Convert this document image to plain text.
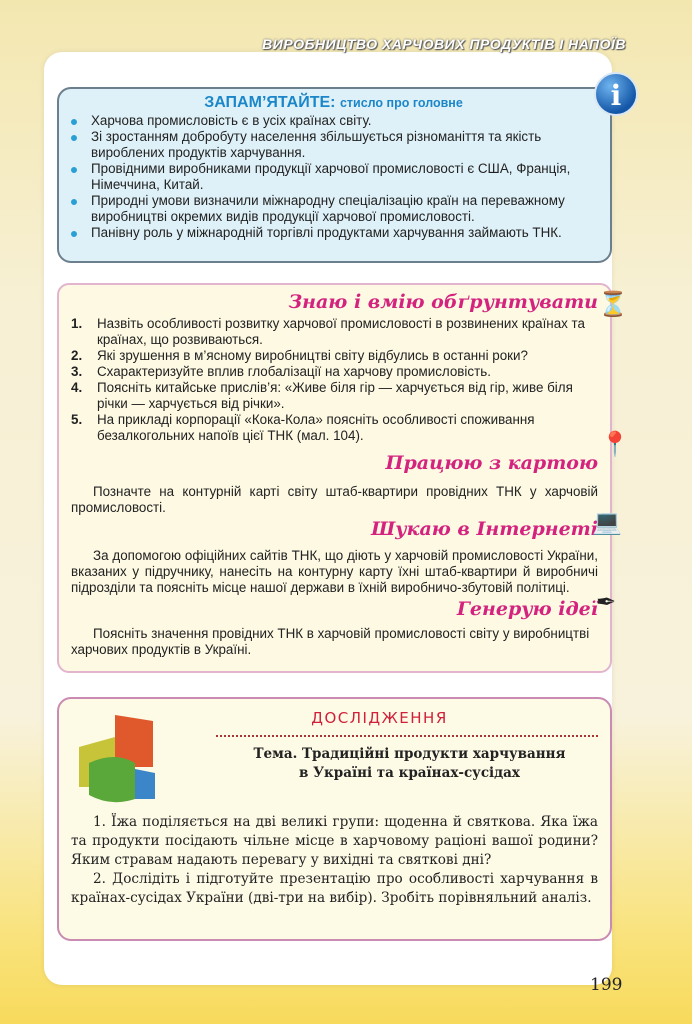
ВИРОБНИЦТВО ХАРЧОВИХ ПРОДУКТІВ І НАПОЇВ
ЗАПАМ’ЯТАЙТЕ: стисло про головне
Харчова промисловість є в усіх країнах світу.
Зі зростанням добробуту населення збільшується різноманіття та якість вироблених продуктів харчування.
Провідними виробниками продукції харчової промисловості є США, Франція, Німеччина, Китай.
Природні умови визначили міжнародну спеціалізацію країн на переважному виробництві окремих видів продукції харчової промисловості.
Панівну роль у міжнародній торгівлі продуктами харчування займають ТНК.
i
Знаю і вмію обґрунтувати
1.	Назвіть особливості розвитку харчової промисловості в розвинених країнах та країнах, що розвиваються.
2.	Які зрушення в м’ясному виробництві світу відбулись в останні роки?
3.	Схарактеризуйте вплив глобалізації на харчову промисловість.
4.	Поясніть китайське прислів’я: «Живе біля гір — харчується від гір, живе біля річки — харчується від річки».
5.	На прикладі корпорації «Кока-Кола» поясніть особливості споживання безалкогольних напоїв цієї ТНК (мал. 104).
Працюю з картою

Позначте на контурній карті світу штаб-квартири провідних ТНК у харчовій промисловості.

Шукаю в Інтернеті

За допомогою офіційних сайтів ТНК, що діють у харчовій промисловості України, вказаних у підручнику, нанесіть на контурну карту їхні штаб-квартири й виробничі підрозділи та поясніть місце нашої держави в їхній виробничо-збутовій політиці.

Генерую ідеї

Поясніть значення провідних ТНК в харчовій промисловості світу у виробництві харчових продуктів в Україні.

⏳
📍
💻
✒
ДОСЛІДЖЕННЯ
Тема. Традиційні продукти харчування
в Україні та країнах-сусідах

1. Їжа поділяється на дві великі групи: щоденна й святкова. Яка їжа та продукти посідають чільне місце в харчовому раціоні вашої родини? Яким стравам надають перевагу у вихідні та святкові дні?

2. Дослідіть і підготуйте презентацію про особливості харчування в країнах-сусідах України (дві-три на вибір). Зробіть порівняльний аналіз.

199
